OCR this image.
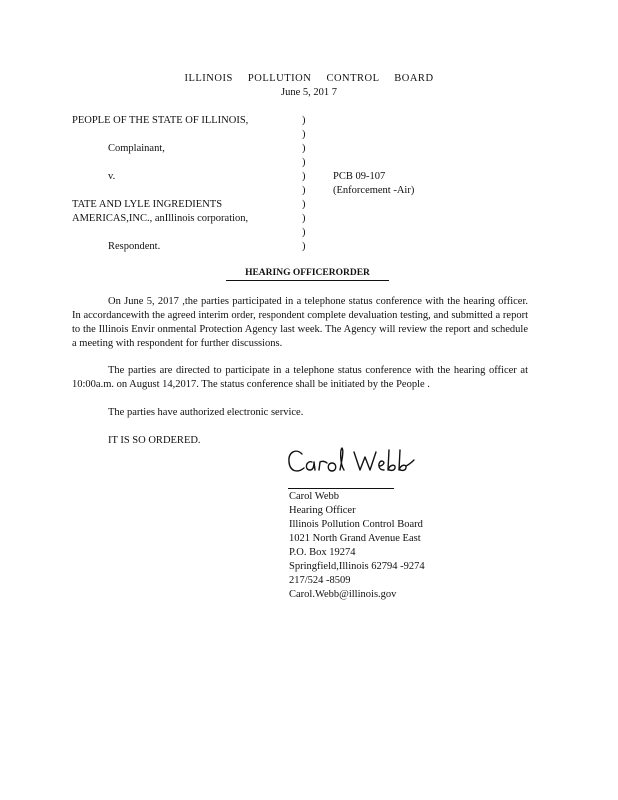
ILLINOIS POLLUTION CONTROL BOARD
June 5, 201 7
PEOPLE OF THE STATE OF ILLINOIS,
Complainant,
v.
TATE AND LYLE INGREDIENTS
AMERICAS,INC., anIllinois corporation,
Respondent.
)
)
)
)
)
)
)
)
)
)
PCB 09-107
(Enforcement -Air)
HEARING OFFICERORDER

On June 5, 2017 ,the parties participated in a telephone status conference with the hearing officer. In accordancewith the agreed interim order, respondent complete devaluation testing, and submitted a report to the Illinois Envir onmental Protection Agency last week. The Agency will review the report and schedule a meeting with respondent for further discussions.

The parties are directed to participate in a telephone status conference with the hearing officer at 10:00a.m. on August 14,2017. The status conference shall be initiated by the People .

The parties have authorized electronic service.

IT IS SO ORDERED.

Carol Webb
Hearing Officer
Illinois Pollution Control Board
1021 North Grand Avenue East
P.O. Box 19274
Springfield,Illinois 62794 -9274
217/524 -8509
Carol.Webb@illinois.gov
